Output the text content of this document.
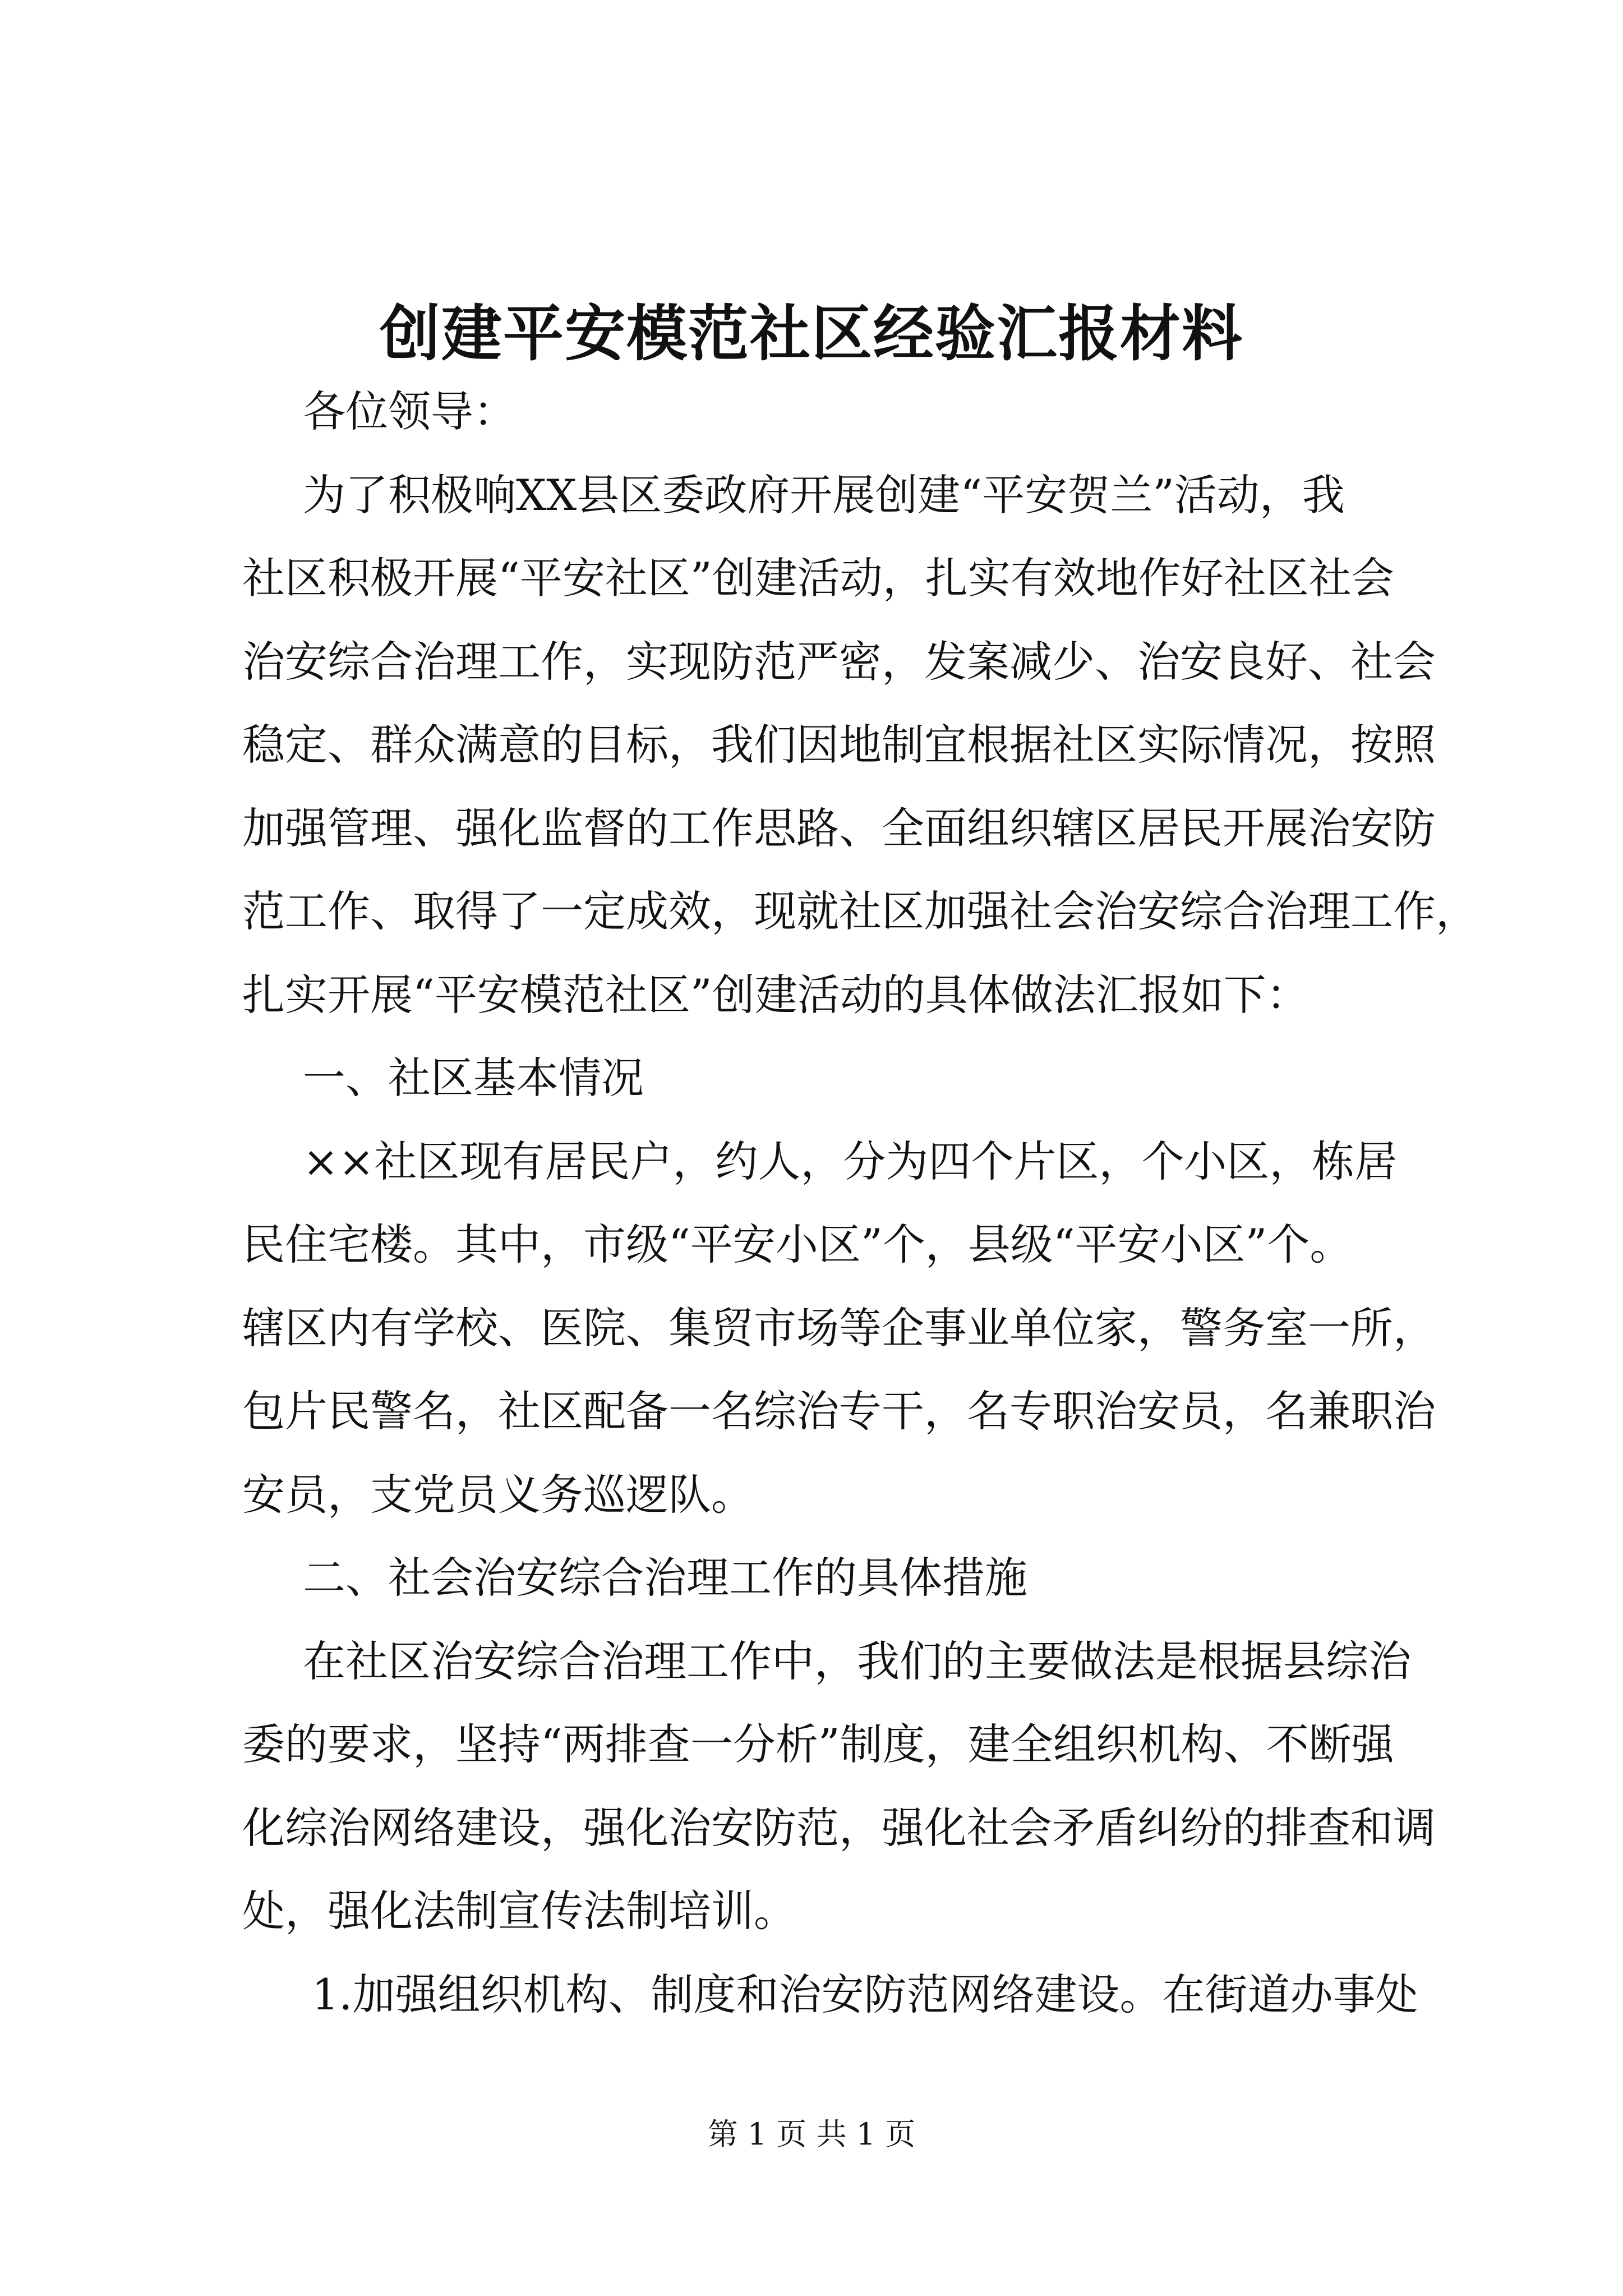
创建平安模范社区经验汇报材料
各位领导：
为了积极响XX县区委政府开展创建“平安贺兰”活动，我
社区积极开展“平安社区”创建活动，扎实有效地作好社区社会
治安综合治理工作，实现防范严密，发案减少、治安良好、社会
稳定、群众满意的目标，我们因地制宜根据社区实际情况，按照
加强管理、强化监督的工作思路、全面组织辖区居民开展治安防
范工作、取得了一定成效，现就社区加强社会治安综合治理工作，
扎实开展“平安模范社区”创建活动的具体做法汇报如下：
一、社区基本情况
××社区现有居民户，约人，分为四个片区，个小区，栋居
民住宅楼。其中，市级“平安小区”个，县级“平安小区”个。
辖区内有学校、医院、集贸市场等企事业单位家，警务室一所，
包片民警名，社区配备一名综治专干，名专职治安员，名兼职治
安员，支党员义务巡逻队。
二、社会治安综合治理工作的具体措施
在社区治安综合治理工作中，我们的主要做法是根据县综治
委的要求，坚持“两排查一分析”制度，建全组织机构、不断强
化综治网络建设，强化治安防范，强化社会矛盾纠纷的排查和调
处，强化法制宣传法制培训。
1.加强组织机构、制度和治安防范网络建设。在街道办事处
第 1 页 共 1 页
